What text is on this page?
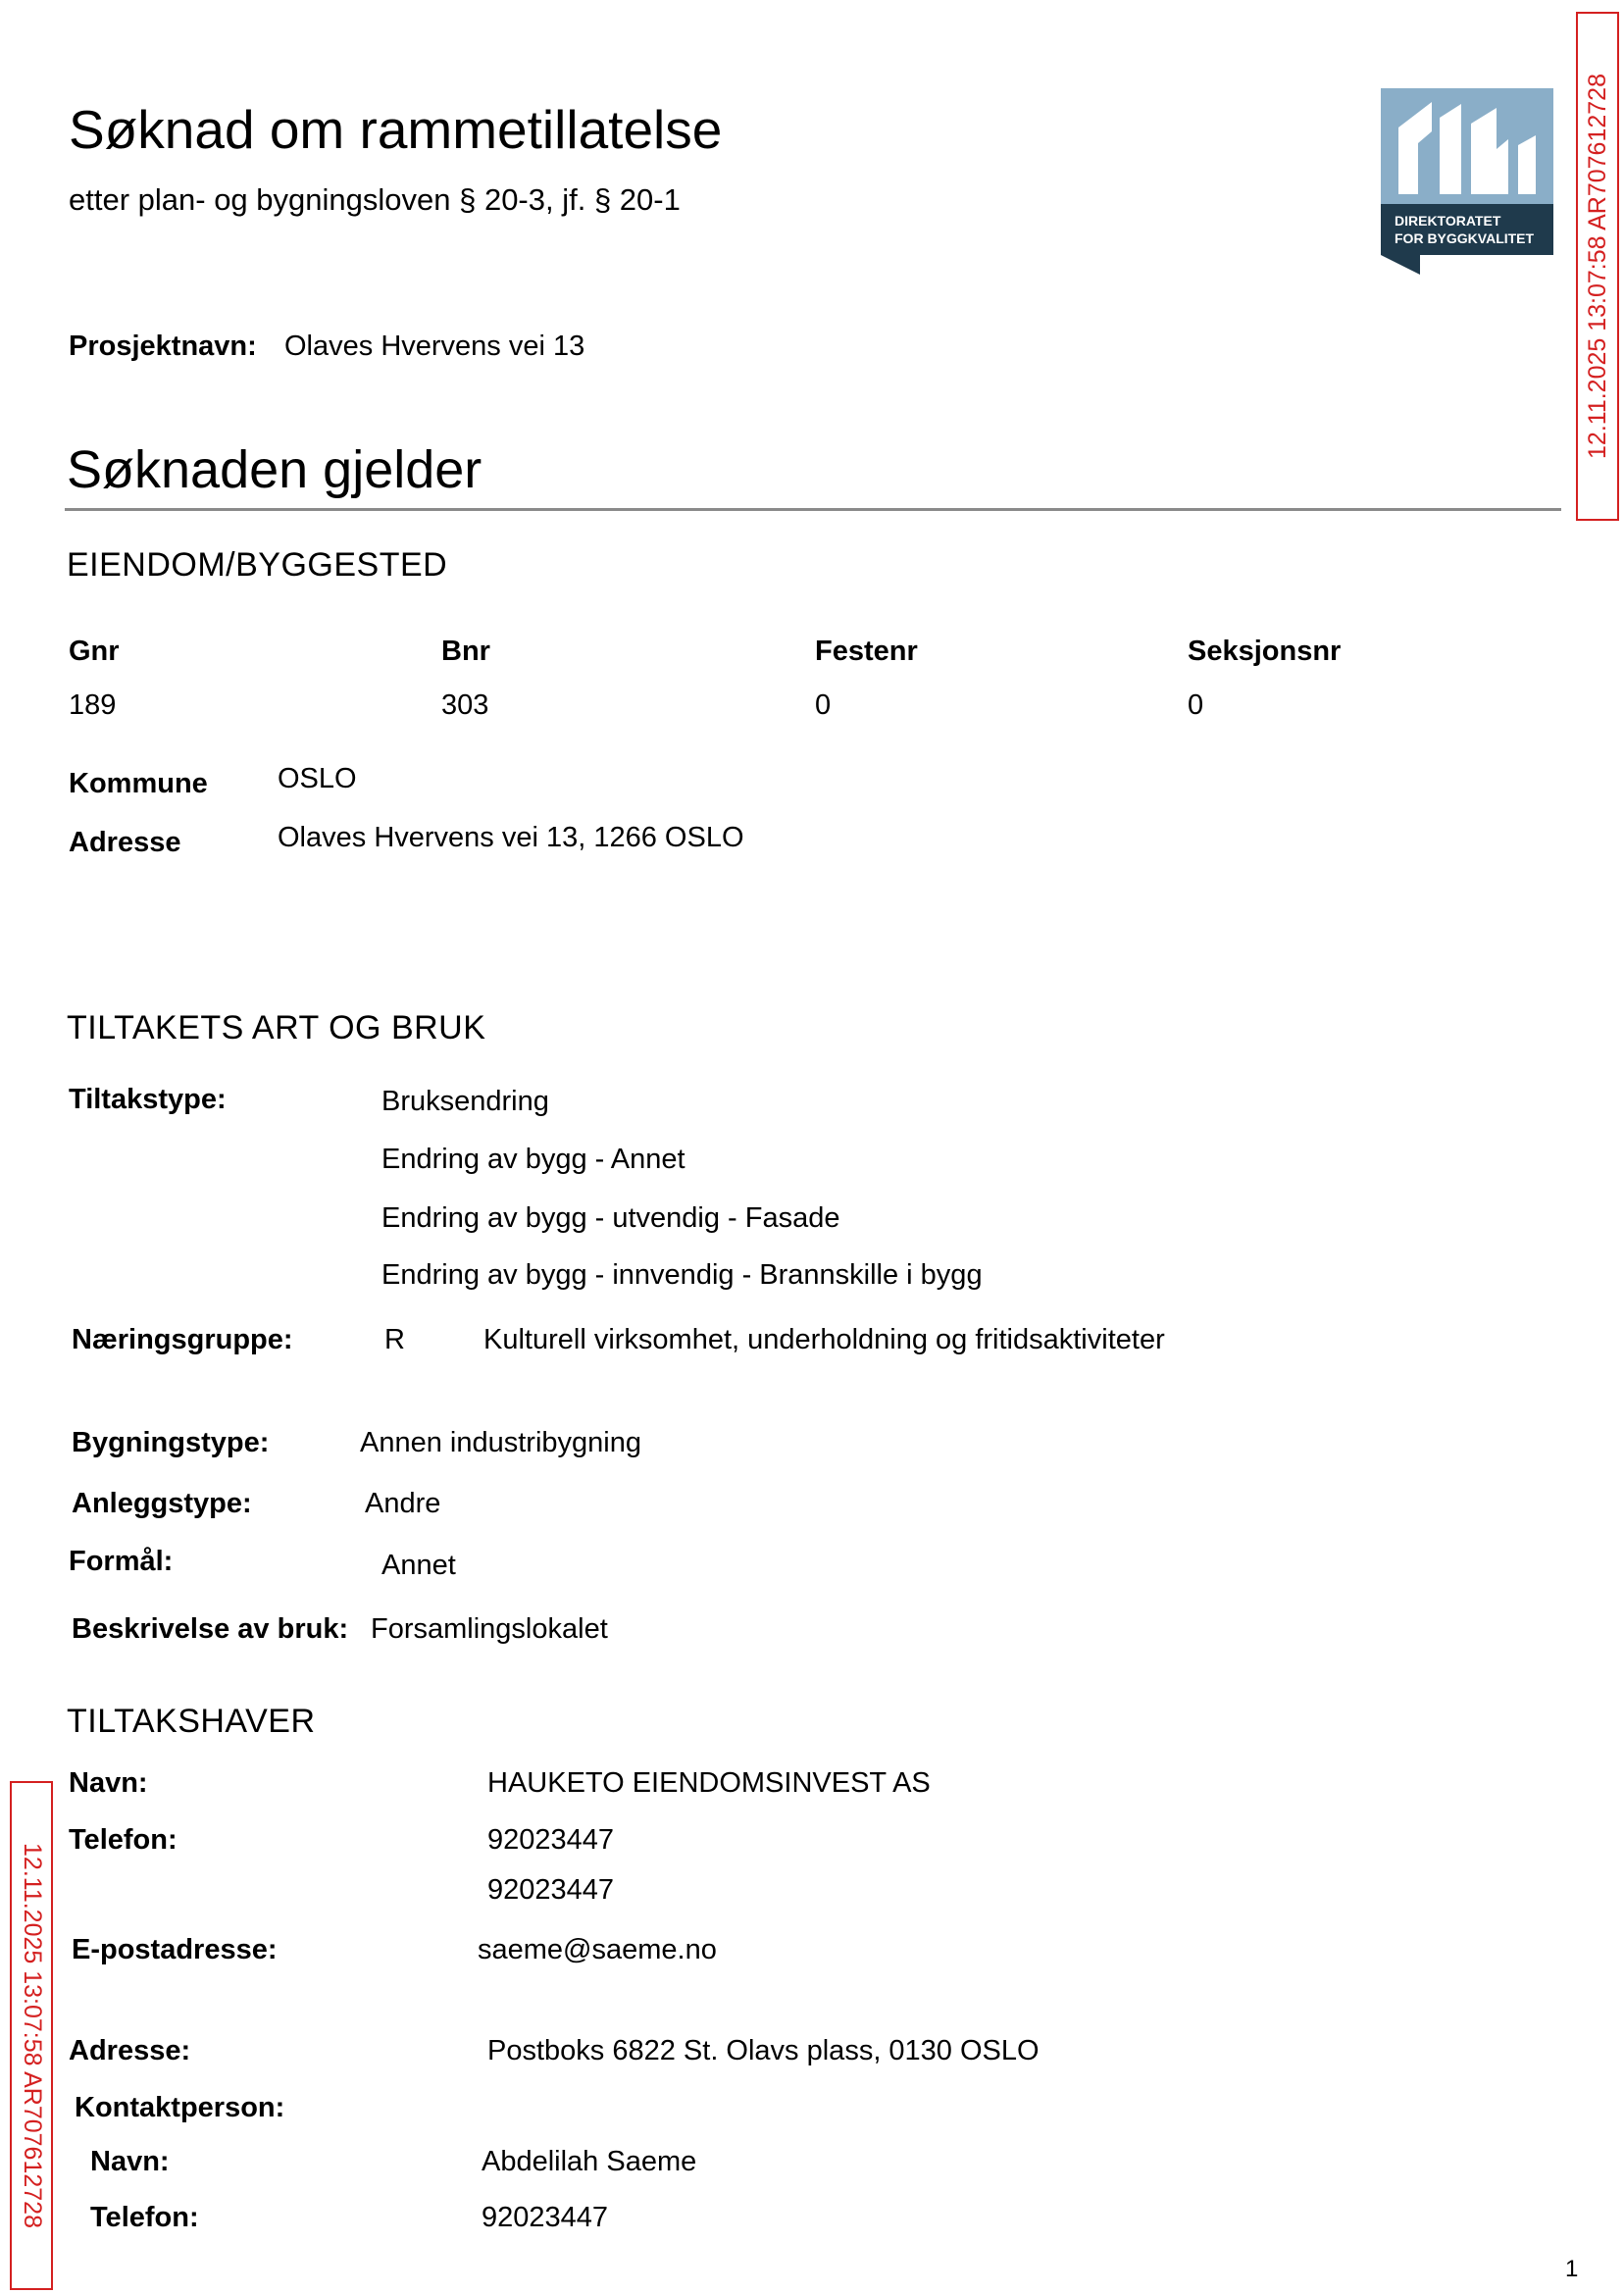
Søknad om rammetillatelse
etter plan- og bygningsloven § 20-3, jf. § 20-1
DIREKTORATET
FOR BYGGKVALITET 12.11.2025 13:07:58 AR707612728
12.11.2025 13:07:58 AR707612728
Prosjektnavn: Olaves Hvervens vei 13
Søknaden gjelder
EIENDOM/BYGGESTED
Gnr	Bnr	Festenr	Seksjonsnr
189	303	0	0
Kommune OSLO
Adresse	Olaves Hvervens vei 13, 1266 OSLO
TILTAKETS ART OG BRUK
Tiltakstype:	Bruksendring
Endring av bygg - Annet
Endring av bygg - utvendig - Fasade
Endring av bygg - innvendig - Brannskille i bygg
Næringsgruppe:	R	Kulturell virksomhet, underholdning og fritidsaktiviteter
Bygningstype:	Annen industribygning
Anleggstype:	Andre
Formål:	Annet
Beskrivelse av bruk: Forsamlingslokalet
TILTAKSHAVER
Navn:	HAUKETO EIENDOMSINVEST AS
Telefon:	92023447
92023447
E-postadresse:	saeme@saeme.no
Adresse:	Postboks 6822 St. Olavs plass, 0130 OSLO
Kontaktperson:
Navn:	Abdelilah Saeme
Telefon:	92023447
1
